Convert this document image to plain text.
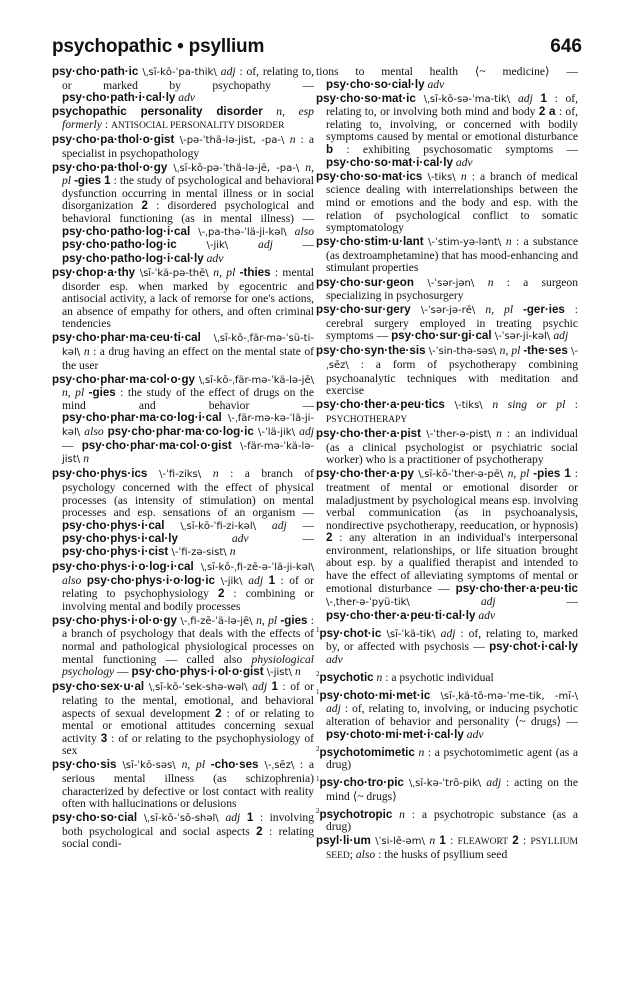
psychopathic • psyllium	646
psy·cho·path·ic \ˌsī-kō-ˈpa-thik\ adj : of, relating to, or marked by psychopathy — psy·cho·path·i·cal·ly adv
psychopathic personality disorder n, esp formerly : ANTISOCIAL PERSONALITY DISORDER
psy·cho·pa·thol·o·gist \-pə-ˈthä-lə-jist, -pa-\ n : a specialist in psychopathology
psy·cho·pa·thol·o·gy \ˌsī-kō-pə-ˈthä-lə-jē, -pa-\ n, pl -gies 1 : the study of psychological and behavioral dysfunction occurring in mental illness or in social disorganization 2 : disordered psychological and behavioral functioning (as in mental illness) — psy·cho·patho·log·i·cal \-ˌpa-thə-ˈlä-ji-kəl\ also psy·cho·patho·log·ic \-jik\ adj — psy·cho·patho·log·i·cal·ly adv
psy·chop·a·thy \sī-ˈkä-pə-thē\ n, pl -thies : mental disorder esp. when marked by egocentric and antisocial activity, a lack of remorse for one's actions, an absence of empathy for others, and often criminal tendencies
psy·cho·phar·ma·ceu·ti·cal \ˌsī-kō-ˌfär-mə-ˈsü-ti-kəl\ n : a drug having an effect on the mental state of the user
psy·cho·phar·ma·col·o·gy \ˌsī-kō-ˌfär-mə-ˈkä-lə-jē\ n, pl -gies : the study of the effect of drugs on the mind and behavior — psy·cho·phar·ma·co·log·i·cal \-ˌfär-mə-kə-ˈlä-ji-kəl\ also psy·cho·phar·ma·co·log·ic \-ˈlä-jik\ adj — psy·cho·phar·ma·col·o·gist \-fär-mə-ˈkä-lə-jist\ n
psy·cho·phys·ics \-ˈfi-ziks\ n : a branch of psychology concerned with the effect of physical processes (as intensity of stimulation) on mental processes and esp. sensations of an organism — psy·cho·phys·i·cal \ˌsī-kō-ˈfi-zi-kəl\ adj — psy·cho·phys·i·cal·ly	adv — psy·cho·phys·i·cist \-ˈfi-zə-sist\ n
psy·cho·phys·i·o·log·i·cal \ˌsī-kō-ˌfi-zē-ə-ˈlä-ji-kəl\ also psy·cho·phys·i·o·log·ic \-jik\ adj 1 : of or relating to psychophysiology 2 : combining or involving mental and bodily processes
psy·cho·phys·i·ol·o·gy \-ˌfi-zē-ˈä-lə-jē\ n, pl -gies : a branch of psychology that deals with the effects of normal and pathological physiological processes on mental functioning — called also physiological psychology — psy·cho·phys·i·ol·o·gist \-jist\ n
psy·cho·sex·u·al \ˌsī-kō-ˈsek-shə-wəl\ adj 1 : of or relating to the mental, emotional, and behavioral aspects of sexual development 2 : of or relating to mental or emotional attitudes concerning sexual activity 3 : of or relating to the psychophysiology of sex
psy·cho·sis \sī-ˈkō-səs\ n, pl -cho·ses \-ˌsēz\ : a serious mental illness (as schizophrenia) characterized by defective or lost contact with reality often with hallucinations or delusions
psy·cho·so·cial \ˌsī-kō-ˈsō-shəl\ adj 1 : involving both psychological and social aspects 2 : relating social condi-
tions to mental health ⟨~ medicine⟩ — psy·cho·so·cial·ly adv
psy·cho·so·mat·ic \ˌsī-kō-sə-ˈma-tik\ adj 1 : of, relating to, or involving both mind and body 2 a : of, relating to, involving, or concerned with bodily symptoms caused by mental or emotional disturbance b : exhibiting psychosomatic symptoms — psy·cho·so·mat·i·cal·ly adv
psy·cho·so·mat·ics \-tiks\ n : a branch of medical science dealing with interrelationships between the mind or emotions and the body and esp. with the relation of psychological conflict to somatic symptomatology
psy·cho·stim·u·lant \-ˈstim-yə-lənt\ n : a substance (as dextroamphetamine) that has mood-enhancing and stimulant properties
psy·cho·sur·geon \-ˈsər-jən\ n : a surgeon specializing in psychosurgery
psy·cho·sur·gery \-ˈsər-jə-rē\ n, pl -ger·ies : cerebral surgery employed in treating psychic symptoms — psy·cho·sur·gi·cal \-ˈsər-ji-kəl\ adj
psy·cho·syn·the·sis \-ˈsin-thə-səs\ n, pl -the·ses \-ˌsēz\ : a form of psychotherapy combining psychoanalytic techniques with meditation and exercise
psy·cho·ther·a·peu·tics \-tiks\ n sing or pl : PSYCHOTHERAPY
psy·cho·ther·a·pist \-ˈther-ə-pist\ n : an individual (as a clinical psychologist or psychiatric social worker) who is a practitioner of psychotherapy
psy·cho·ther·a·py \ˌsī-kō-ˈther-ə-pē\ n, pl -pies 1 : treatment of mental or emotional disorder or maladjustment by psychological means esp. involving verbal communication (as in psychoanalysis, nondirective psychotherapy, reeducation, or hypnosis) 2 : any alteration in an individual's interpersonal environment, relationships, or life situation brought about esp. by a qualified therapist and intended to have the effect of alleviating symptoms of mental or emotional disturbance — psy·cho·ther·a·peu·tic \-ˌther-ə-ˈpyü-tik\ adj — psy·cho·ther·a·peu·ti·cal·ly adv
$^1$psy·chot·ic \sī-ˈkä-tik\ adj : of, relating to, marked by, or affected with psychosis — psy·chot·i·cal·ly adv
$^2$psychotic n : a psychotic individual
$^1$psy·choto·mi·met·ic \sī-ˌkä-tō-mə-ˈme-tik, -mī-\ adj : of, relating to, involving, or inducing psychotic alteration of behavior and personality ⟨~ drugs⟩ — psy·choto·mi·met·i·cal·ly adv
$^2$psychotomimetic n : a psychotomimetic agent (as a drug)
$^1$psy·cho·tro·pic \ˌsī-kə-ˈtrō-pik\ adj : acting on the mind ⟨~ drugs⟩
$^2$psychotropic n : a psychotropic substance (as a drug)
psyl·li·um \ˈsi-lē-əm\ n 1 : FLEAWORT 2 : PSYLLIUM SEED; also : the husks of psyllium seed
